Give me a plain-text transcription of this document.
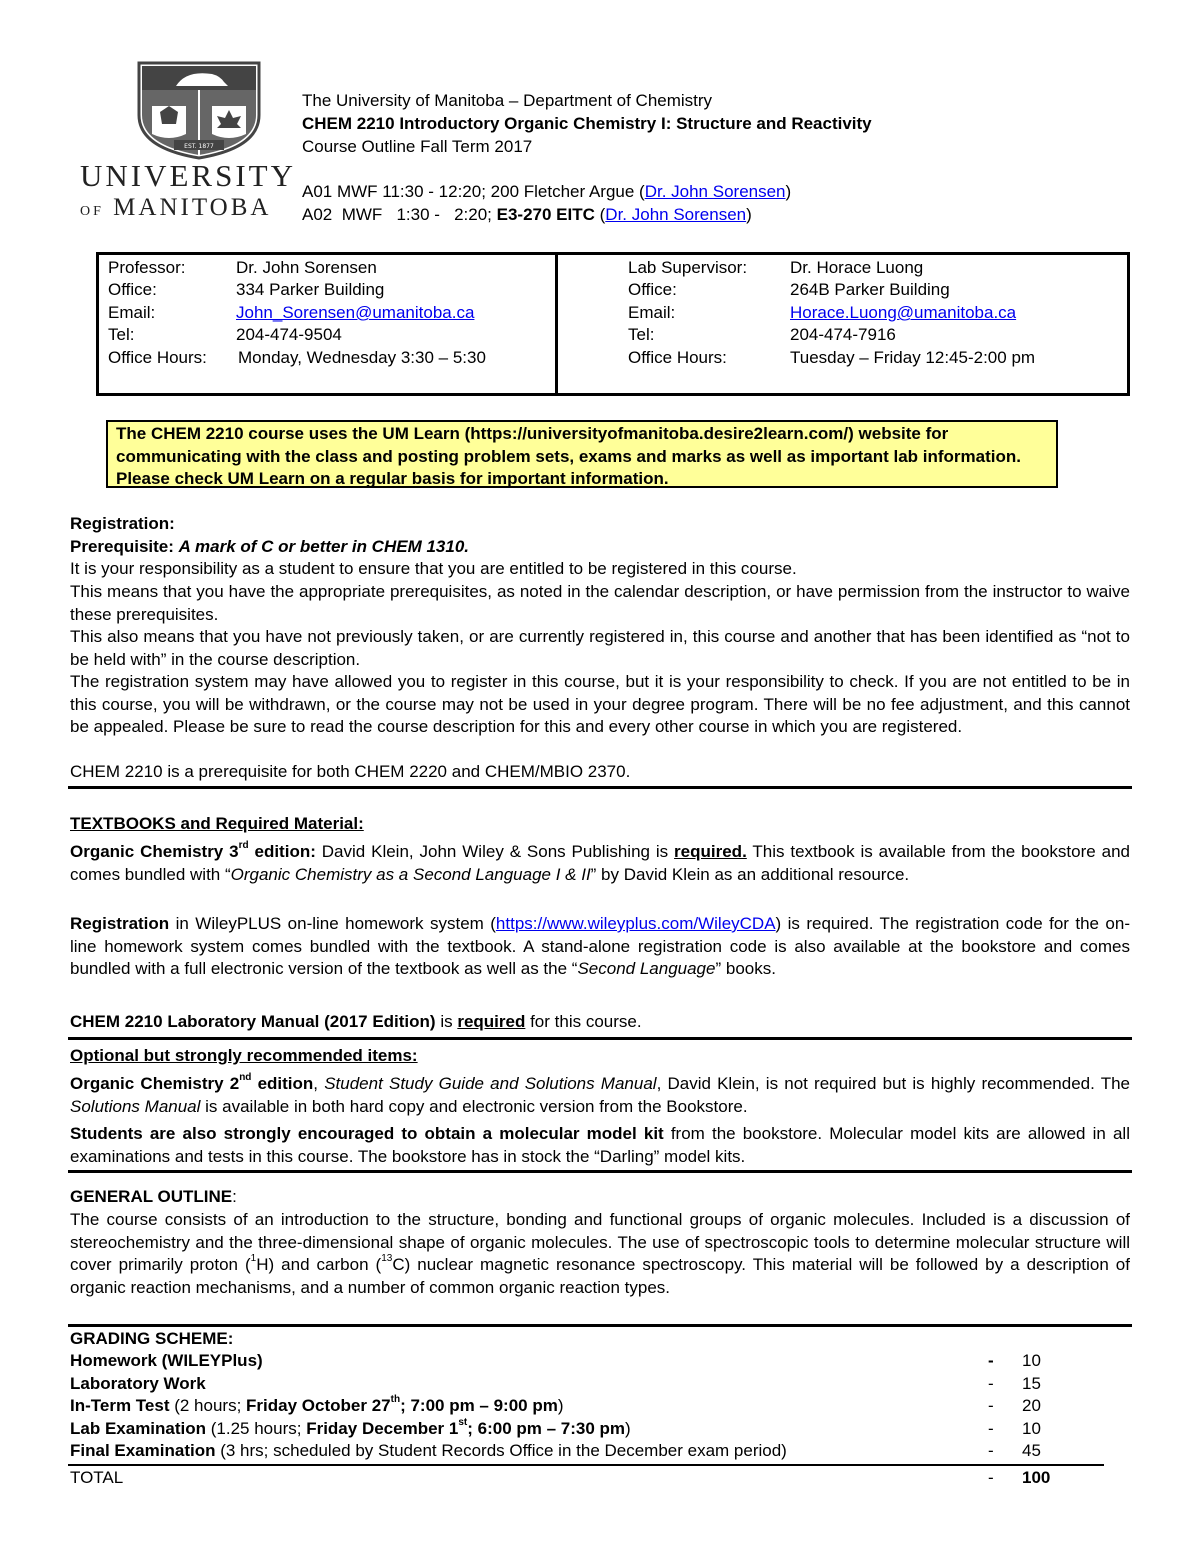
EST. 1877
UNIVERSITY
OF MANITOBA
The University of Manitoba – Department of Chemistry
CHEM 2210 Introductory Organic Chemistry I: Structure and Reactivity
Course Outline Fall Term 2017
A01 MWF 11:30 - 12:20; 200 Fletcher Argue (Dr. John Sorensen)
A02  MWF   1:30 -   2:20; E3-270 EITC (Dr. John Sorensen)
Professor:	Dr. John Sorensen
Office:	334 Parker Building
Email:	John_Sorensen@umanitoba.ca
Tel:	204-474-9504
Office Hours: Monday, Wednesday 3:30 – 5:30
Lab Supervisor:	Dr. Horace Luong
Office:	264B Parker Building
Email:	Horace.Luong@umanitoba.ca
Tel:	204-474-7916
Office Hours:	Tuesday – Friday 12:45-2:00 pm
The CHEM 2210 course uses the UM Learn (https://universityofmanitoba.desire2learn.com/) website for communicating with the class and posting problem sets, exams and marks as well as important lab information. Please check UM Learn on a regular basis for important information.
Registration:
Prerequisite: A mark of C or better in CHEM 1310.
It is your responsibility as a student to ensure that you are entitled to be registered in this course.
This means that you have the appropriate prerequisites, as noted in the calendar description, or have permission from the instructor to waive these prerequisites.
This also means that you have not previously taken, or are currently registered in, this course and another that has been identified as “not to be held with” in the course description.
The registration system may have allowed you to register in this course, but it is your responsibility to check. If you are not entitled to be in this course, you will be withdrawn, or the course may not be used in your degree program. There will be no fee adjustment, and this cannot be appealed. Please be sure to read the course description for this and every other course in which you are registered.
CHEM 2210 is a prerequisite for both CHEM 2220 and CHEM/MBIO 2370.
TEXTBOOKS and Required Material:
Organic Chemistry 3rd edition: David Klein, John Wiley & Sons Publishing is required. This textbook is available from the bookstore and comes bundled with “Organic Chemistry as a Second Language I & II” by David Klein as an additional resource.
Registration in WileyPLUS on-line homework system (https://www.wileyplus.com/WileyCDA) is required. The registration code for the on-line homework system comes bundled with the textbook. A stand-alone registration code is also available at the bookstore and comes bundled with a full electronic version of the textbook as well as the “Second Language” books.
CHEM 2210 Laboratory Manual (2017 Edition) is required for this course.
Optional but strongly recommended items:
Organic Chemistry 2nd edition, Student Study Guide and Solutions Manual, David Klein, is not required but is highly recommended. The Solutions Manual is available in both hard copy and electronic version from the Bookstore.
Students are also strongly encouraged to obtain a molecular model kit from the bookstore. Molecular model kits are allowed in all examinations and tests in this course. The bookstore has in stock the “Darling” model kits.
GENERAL OUTLINE:
The course consists of an introduction to the structure, bonding and functional groups of organic molecules. Included is a discussion of stereochemistry and the three-dimensional shape of organic molecules. The use of spectroscopic tools to determine molecular structure will cover primarily proton ($^1$H) and carbon ($^{13}$C) nuclear magnetic resonance spectroscopy. This material will be followed by a description of organic reaction mechanisms, and a number of common organic reaction types.
GRADING SCHEME:
Homework (WILEYPlus)	- 10
Laboratory Work	- 15
In-Term Test (2 hours; Friday October 27th; 7:00 pm – 9:00 pm)	- 20
Lab Examination (1.25 hours; Friday December 1st; 6:00 pm – 7:30 pm)	- 10
Final Examination (3 hrs; scheduled by Student Records Office in the December exam period)	- 45
TOTAL	- 100
